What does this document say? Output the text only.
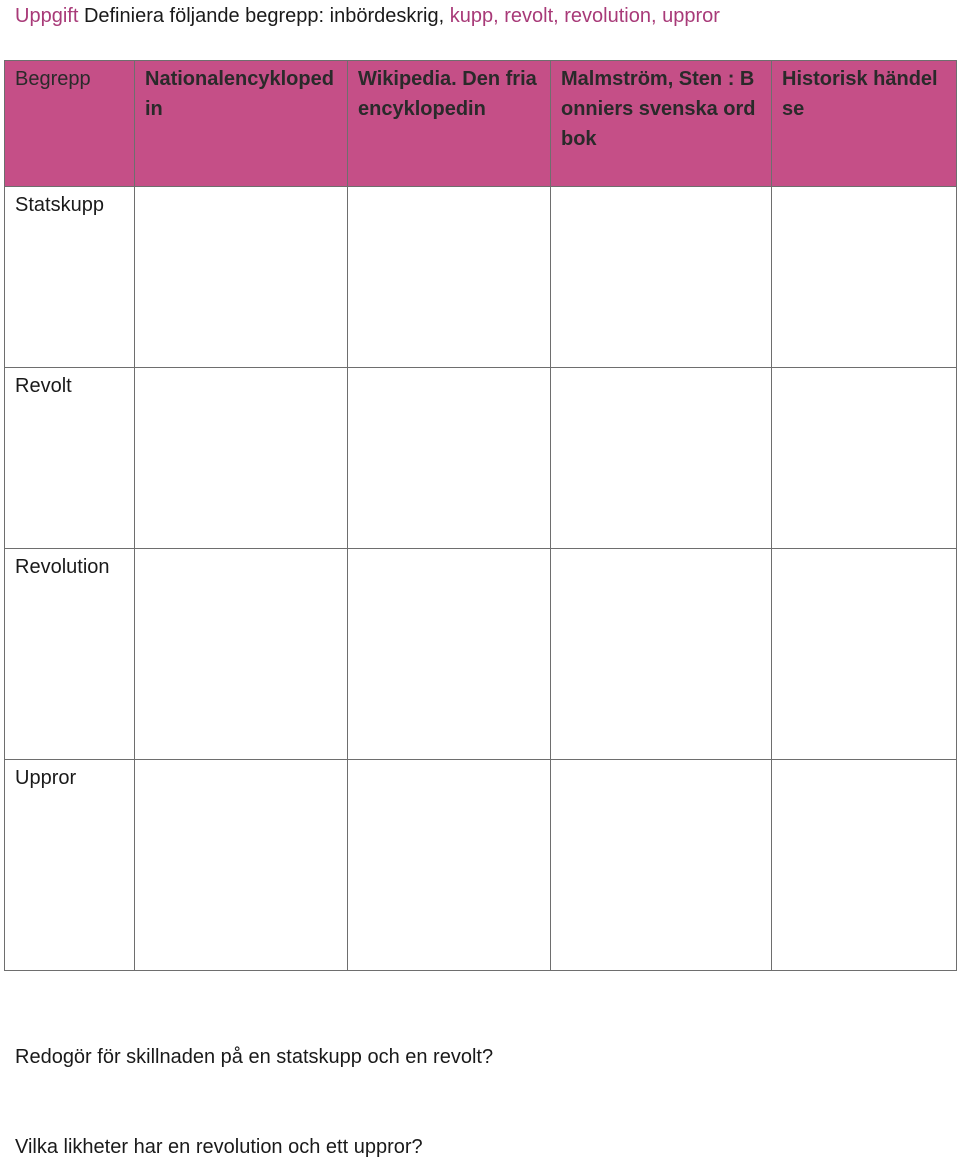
Uppgift Definiera följande begrepp: inbördeskrig, kupp, revolt, revolution, uppror
Begrepp	Nationalencyklopedin	Wikipedia. Den fria encyklopedin	Malmström, Sten : Bonniers svenska ordbok	Historisk händelse
Statskupp				
Revolt				
Revolution				
Uppror				
Redogör för skillnaden på en statskupp och en revolt?
Vilka likheter har en revolution och ett uppror?
